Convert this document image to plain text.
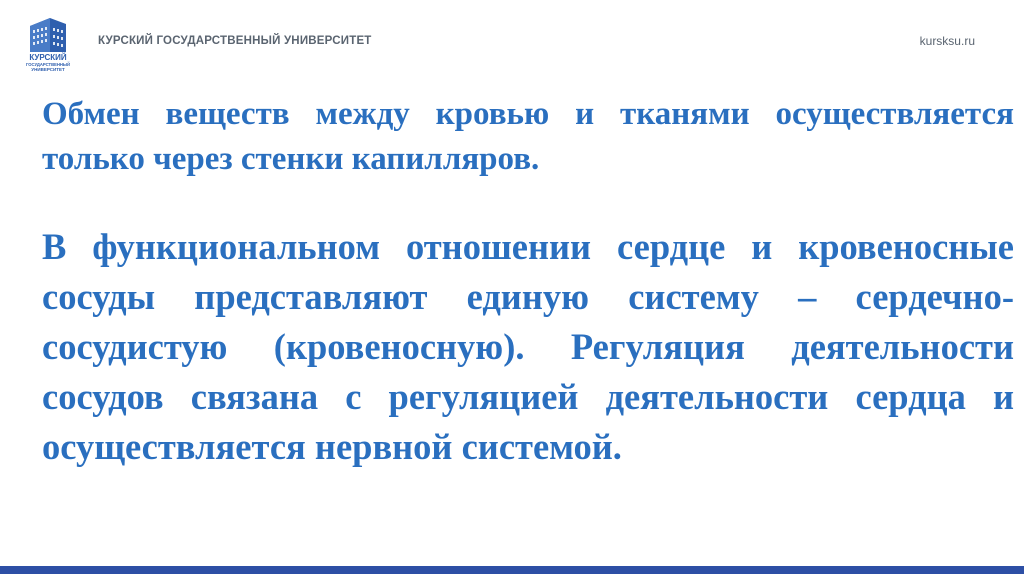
КУРСКИЙ
ГОСУДАРСТВЕННЫЙ
УНИВЕРСИТЕТ
КУРСКИЙ ГОСУДАРСТВЕННЫЙ УНИВЕРСИТЕТ	kursksu.ru

Обмен веществ между кровью и тканями осуществляется только через стенки капилляров.

В функциональном отношении сердце и кровеносные сосуды представляют единую систему – сердечно-сосудистую (кровеносную). Регуляция деятельности сосудов связана с регуляцией деятельности сердца и осуществляется нервной системой.
